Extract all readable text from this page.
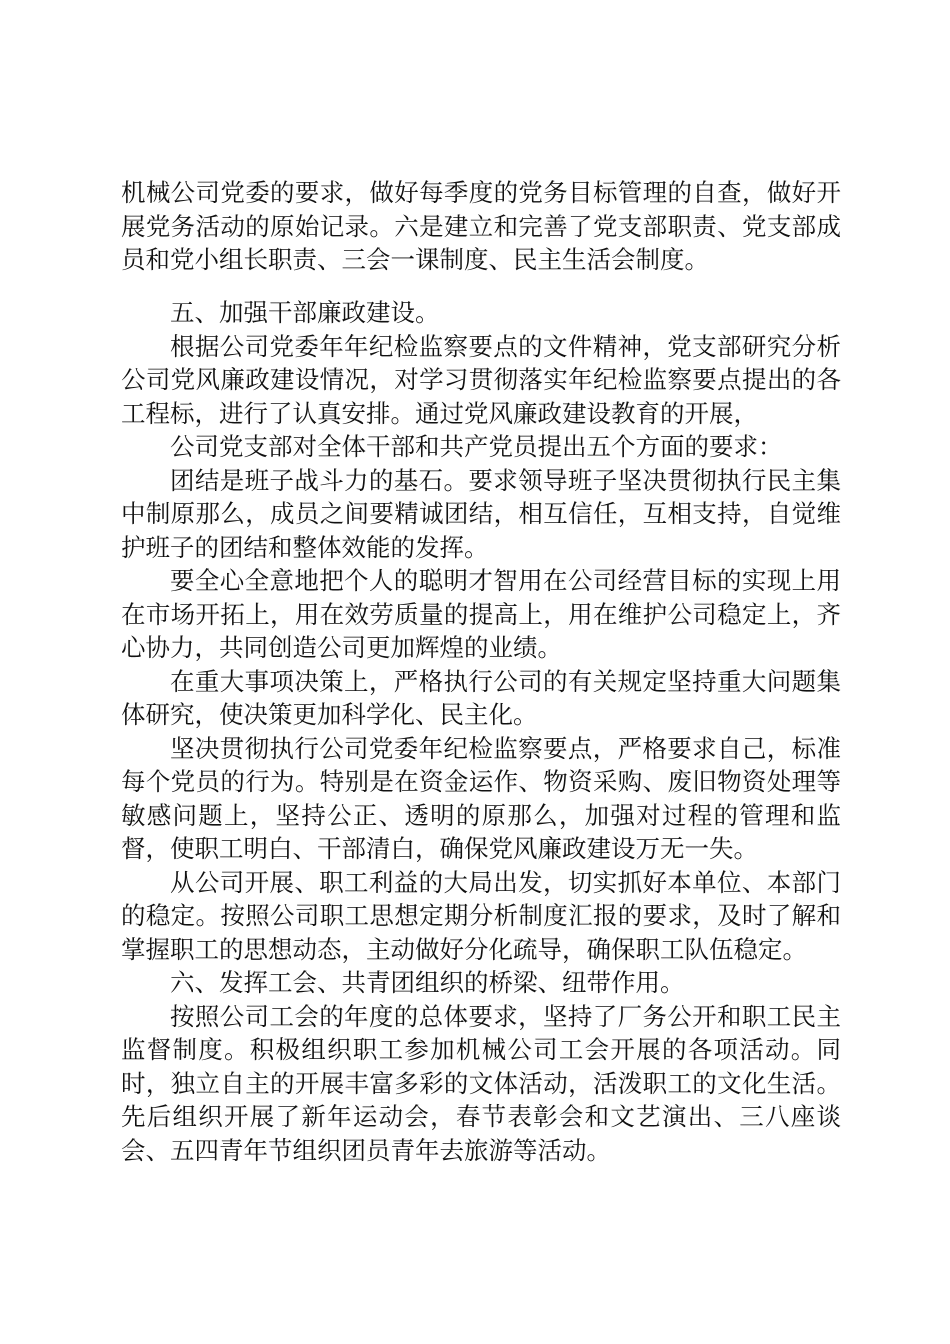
机械公司党委的要求，做好每季度的党务目标管理的自查，做好开展党务活动的原始记录。六是建立和完善了党支部职责、党支部成员和党小组长职责、三会一课制度、民主生活会制度。

五、加强干部廉政建设。

根据公司党委年年纪检监察要点的文件精神，党支部研究分析公司党风廉政建设情况，对学习贯彻落实年纪检监察要点提出的各工程标，进行了认真安排。通过党风廉政建设教育的开展，

公司党支部对全体干部和共产党员提出五个方面的要求：

团结是班子战斗力的基石。要求领导班子坚决贯彻执行民主集中制原那么，成员之间要精诚团结，相互信任，互相支持，自觉维护班子的团结和整体效能的发挥。

要全心全意地把个人的聪明才智用在公司经营目标的实现上用在市场开拓上，用在效劳质量的提高上，用在维护公司稳定上，齐心协力，共同创造公司更加辉煌的业绩。

在重大事项决策上，严格执行公司的有关规定坚持重大问题集体研究，使决策更加科学化、民主化。

坚决贯彻执行公司党委年纪检监察要点，严格要求自己，标准每个党员的行为。特别是在资金运作、物资采购、废旧物资处理等敏感问题上，坚持公正、透明的原那么，加强对过程的管理和监督，使职工明白、干部清白，确保党风廉政建设万无一失。

从公司开展、职工利益的大局出发，切实抓好本单位、本部门的稳定。按照公司职工思想定期分析制度汇报的要求，及时了解和掌握职工的思想动态，主动做好分化疏导，确保职工队伍稳定。

六、发挥工会、共青团组织的桥梁、纽带作用。

按照公司工会的年度的总体要求，坚持了厂务公开和职工民主监督制度。积极组织职工参加机械公司工会开展的各项活动。同时，独立自主的开展丰富多彩的文体活动，活泼职工的文化生活。先后组织开展了新年运动会，春节表彰会和文艺演出、三八座谈会、五四青年节组织团员青年去旅游等活动。
